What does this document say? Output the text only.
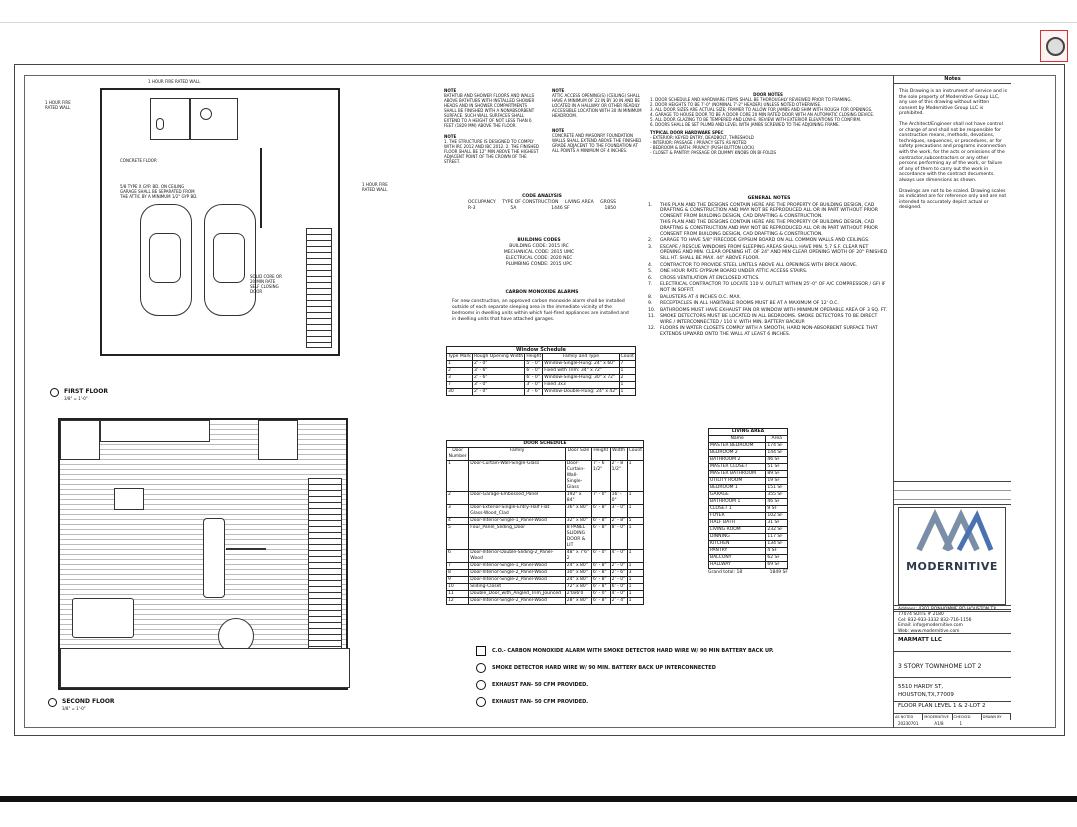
1 HOUR FIRE RATED WALL
CONCRETE FLOOR
5/8 TYPE X GYP. BD. ON CEILING GARAGE SHALL BE SEPARATED FROM THE ATTIC BY A MINIMUM 1/2" GYP BD.
SOLID CORE OR 20 MIN RATE SELF CLOSING DOOR
1 HOUR FIRE RATED WALL
1 HOUR FIRE RATED WALL
FIRST FLOOR
3/8" = 1'-0"
SECOND FLOOR
3/8" = 1'-0"
NOTE
BATHTUB AND SHOWER FLOORS AND WALLS ABOVE BATHTUBS WITH INSTALLED SHOWER HEADS AND IN SHOWER COMPARTMENTS SHALL BE FINISHED WITH A NONABSORBENT SURFACE. SUCH WALL SURFACES SHALL EXTEND TO A HEIGHT OF NOT LESS THAN 6 FEET (1829 MM) ABOVE THE FLOOR.
NOTE
1. THE STRUCTURE IS DESIGNED TO COMPLY WITH IRC 2012 AND IBC 2012. 2. THE FINISHED FLOOR SHALL BE 12" MIN ABOVE THE HIGHEST ADJACENT POINT OF THE CROWN OF THE STREET.
NOTE
ATTIC ACCESS OPENING(S) (CEILING) SHALL HAVE A MINIMUM OF 22 IN BY 30 IN AND BE LOCATED IN A HALLWAY OR OTHER READILY ACCESSIBLE LOCATION WITH 30 IN MINIMUM HEADROOM.
NOTE
CONCRETE AND MASONRY FOUNDATION WALLS SHALL EXTEND ABOVE THE FINISHED GRADE ADJACENT TO THE FOUNDATION AT ALL POINTS A MINIMUM OF 4 INCHES.
DOOR NOTES
1. DOOR SCHEDULE AND HARDWARE ITEMS SHALL BE THOROUGHLY REVIEWED PRIOR TO FRAMING.
2. DOOR HEIGHTS TO BE 7'-0" (NOMINAL 7'-2" HEADER) UNLESS NOTED OTHERWISE.
3. ALL DOOR SIZES ARE ACTUAL SIZE; FRAMER TO ALLOW FOR JAMBS AND SHIM WITH ROUGH FOR OPENINGS.
4. GARAGE TO HOUSE DOOR TO BE A DOOR CORE 20 MIN RATED DOOR WITH AN AUTOMATIC CLOSING DEVICE.
5. ALL DOOR GLAZING TO BE TEMPERED AND LOW-E. REVIEW WITH EXTERIOR ELEVATIONS TO CONFIRM.
6. DOORS SHALL BE SET PLUMB AND LEVEL WITH JAMBS SCREWED TO THE ADJOINING FRAME.
TYPICAL DOOR HARDWARE SPEC
- EXTERIOR: KEYED ENTRY, DEADBOLT, THRESHOLD
- INTERIOR: PASSAGE / PRIVACY SETS AS NOTED
- BEDROOM & BATH: PRIVACY (PUSH BUTTON LOCK)
- CLOSET & PANTRY: PASSAGE OR DUMMY KNOBS ON BI-FOLDS
CODE ANALYSIS
OCCUPANCY TYPE OF CONSTRUCTION LIVING AREA GROSS
R-3	5A	1446 SF	1850
BUILDING CODES
BUILDING CODE: 2015 IRC
MECHANICAL CODE: 2015 UMC
ELECTRICAL CODE: 2020 NEC
PLUMBING CONDE: 2015 UPC
CARBON MONOXIDE ALARMS
For new construction, an approved carbon monoxide alarm shall be installed outside of each separate sleeping area in the immediate vicinity of the bedrooms in dwelling units within which fuel-fired appliances are installed and in dwelling units that have attached garages.
GENERAL NOTES
1.	THIS PLAN AND THE DESIGNS CONTAIN HERE ARE THE PROPERTY OF BUILDING DESIGN, CAD DRAFTING & CONSTRUCTION AND MAY NOT BE REPRODUCED ALL OR IN PART WITHOUT PRIOR CONSENT FROM BUILDING DESIGN, CAD DRAFTING & CONSTRUCTION.
THIS PLAN AND THE DESIGNS CONTAIN HERE ARE THE PROPERTY OF BUILDING DESIGN, CAD DRAFTING & CONSTRUCTION AND MAY NOT BE REPRODUCED ALL OR IN PART WITHOUT PRIOR CONSENT FROM BUILDING DESIGN, CAD DRAFTING & CONSTRUCTION.
2.	GARAGE TO HAVE 5/8" FIRECODE GYPSUM BOARD ON ALL COMMON WALLS AND CEILINGS.
3.	ESCAPE / RESCUE WINDOWS FROM SLEEPING AREAS SHALL HAVE MIN. 5.7 S.F. CLEAR NET OPENING AND MIN. CLEAR OPENING HT. OF 24" AND MIN CLEAR OPENING WIDTH OF 20" FINISHED SILL HT. SHALL BE MAX. 44" ABOVE FLOOR.
4.	CONTRACTOR TO PROVIDE STEEL LINTELS ABOVE ALL OPENINGS WITH BRICK ABOVE.
5.	ONE HOUR RATE GYPSUM BOARD UNDER ATTIC ACCESS STAIRS.
6.	CROSS VENTILATION AT ENCLOSED ATTICS.
7.	ELECTRICAL CONTRACTOR TO LOCATE 110 V. OUTLET WITHIN 25'-0" OF A/C COMPRESSOR / GFI IF NOT IN SOFFIT.
8.	BALUSTERS AT 4 INCHES O.C. MAX.
9.	RECEPTACLES IN ALL HABITABLE ROOMS MUST BE AT A MAXIMUM OF 12' O.C.
10. BATHROOMS MUST HAVE EXHAUST FAN OR WINDOW WITH MINIMUM OPERABLE AREA OF 3 SQ. FT.
11. SMOKE DETECTORS MUST BE LOCATED IN ALL BEDROOMS. SMOKE DETECTORS TO BE DIRECT WIRE / INTERCONNECTED / 110 V. WITH MIN. BATTERY BACKUP.
12. FLOORS IN WATER CLOSETS COMPLY WITH A SMOOTH, HARD NON-ABSORBENT SURFACE THAT EXTENDS UPWARD ONTO THE WALL AT LEAST 6 INCHES.
Window Schedule				
Type Mark	Rough Opening Width	Height	Family and Type	Count
1	2' - 0"	5' - 0"	Window-Single-Hung: 24" x 60"	7
2	3' - 6"	6' - 0"	Fixed with Trim: 34" x 72"	1
3	2' - 6"	6' - 0"	Window-Single-Hung: 30" x 72"	2
7	3' - 0"	3' - 0"	Fixed 3x3	1
30	2' - 0"	3' - 6"	Window-Double-Hung: 24" x 42"	1
DOOR SCHEDULE					
Door Number	Family	Door Size	Height	Width	Count
1	Door-Curtain-Wall-Single-Glass	Door-Curtain-Wall-Single-Glass	7' - 6 1/2"	2' - 8 1/2"	1
2	Door-Garage-Embossed_Panel	192" x 84"	7' - 0"	16' - 0"	1
3	Door-Exterior-Single-Entry-Half Flat Glass-Wood_Clad	36" x 80"	6' - 8"	3' - 0"	1
4	Door-Interior-Single-1_Panel-Wood	32" x 80"	6' - 8"	2' - 8"	5
5	Four_Panel_Sliding_Door	8 PANEL SLIDING DOOR & LIT	6' - 8"	8' - 0"	1
6	Door-Interior-Double-Sliding-2_Panel-Wood	48" x 7'6" 2	6' - 0"	4' - 0"	1
7	Door-Interior-Single-1_Panel-Wood	24" x 80"	6' - 8"	2' - 0"	1
8	Door-Interior-Single-2_Panel-Wood	30" x 80"	6' - 8"	2' - 6"	3
9	Door-Interior-Single-2_Panel-Wood	24" x 80"	6' - 8"	2' - 0"	1
10	Sliding-Closet	72" x 80"	6' - 8"	6' - 0"	1
11	Double_Door_with_Angled_Trim_Jounced	2'0x6'0	6' - 0"	4' - 0"	1
12	Door-Interior-Single-2_Panel-Wood	28" x 80"	6' - 8"	2' - 4"	1
LIVING AREA	
Name	Area
MASTER BEDROOM	174 SF
BEDROOM 2	144 SF
BATHROOM 2	46 SF
MASTER CLOSET	51 SF
MASTER BATHROOM	89 SF
UTILITY ROOM	19 SF
BEDROOM 1	151 SF
GARAGE	355 SF
BATHROOM 1	46 SF
CLOSET 1	9 SF
FOYER	102 SF
HALF BATH	31 SF
LIVING ROOM	232 SF
DINNING	117 SF
KITCHEN	134 SF
PANTRY	4 SF
BALCONY	62 SF
HALLWAY	69 SF
Grand total: 18	1849 SF
C.O.- CARBON MONOXIDE ALARM WITH SMOKE DETECTOR HARD WIRE W/ 90 MIN BATTERY BACK UP.
SMOKE DETECTOR HARD WIRE W/ 90 MIN. BATTERY BACK UP INTERCONNECTED
EXHAUST FAN- 50 CFM PROVIDED.
EXHAUST FAN- 50 CFM PROVIDED.
Notes
This Drawing is an instrument of service and is the sole property of Modernitive Group LLC, any use of this drawing without written consent by Modernitive Group LLC is prohibited.
The Architect/Engineer shall not have control or charge of and shall not be responsible for construction means, methods, devations, techniques, sequences, or procedures, or for safety precautions and programs inconnection with the work, for the acts or omissions of the contractor,subcontractors or any other persons performing ay of the work, or failure of any of them to carry out the work in accordance with the contract documents. always use dimensions as shown.
Drawings are not to be scaled. Drawing scales as indicated are for reference only and are not intended to accurately depict actual or designed.
MODERNITIVE
Address: 4301 BONHOMME RD HOUSTON TX 77074 SUITE # 2180
Cel: 832-933-3332 832-716-1156
Email: info@modernitive.com
Web: www.modernitive.com
MARMATT LLC
3 STORY TOWNHOME LOT 2
5510 HARDY ST,
HOUSTON,TX,77009
FLOOR PLAN LEVEL 1 & 2-LOT 2
AS NOTED	MODERNITIVE	CHECKED	DRAWN BY
20230701	A1/8	1
